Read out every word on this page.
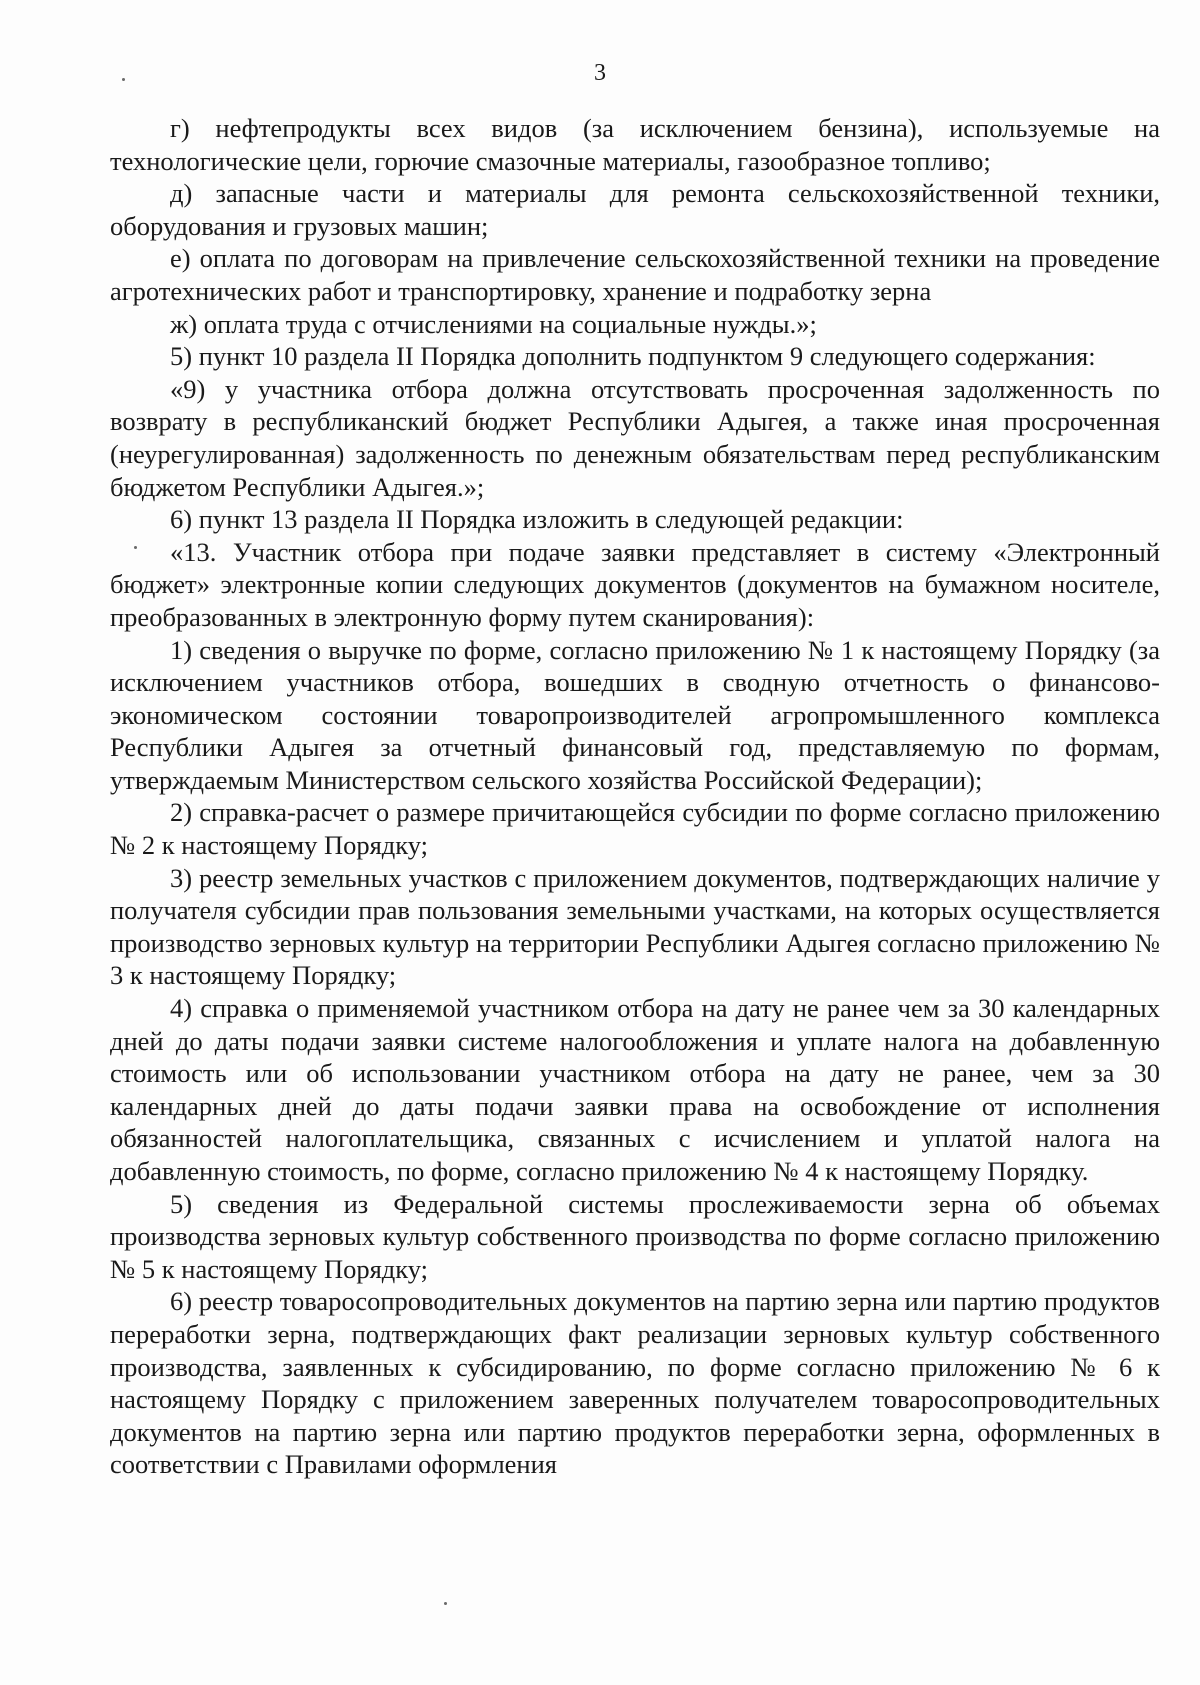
3

г) нефтепродукты всех видов (за исключением бензина), используемые на технологические цели, горючие смазочные материалы, газообразное топливо;

д) запасные части и материалы для ремонта сельскохозяйственной техники, оборудования и грузовых машин;

е) оплата по договорам на привлечение сельскохозяйственной техники на проведение агротехнических работ и транспортировку, хранение и подработку зерна

ж) оплата труда с отчислениями на социальные нужды.»;

5) пункт 10 раздела II Порядка дополнить подпунктом 9 следующего содержания:

«9) у участника отбора должна отсутствовать просроченная задолженность по возврату в республиканский бюджет Республики Адыгея, а также иная просроченная (неурегулированная) задолженность по денежным обязательствам перед республиканским бюджетом Республики Адыгея.»;

6) пункт 13 раздела II Порядка изложить в следующей редакции:

«13. Участник отбора при подаче заявки представляет в систему «Электронный бюджет» электронные копии следующих документов (документов на бумажном носителе, преобразованных в электронную форму путем сканирования):

1) сведения о выручке по форме, согласно приложению № 1 к настоящему Порядку (за исключением участников отбора, вошедших в сводную отчетность о финансово-экономическом состоянии товаропроизводителей агропромышленного комплекса Республики Адыгея за отчетный финансовый год, представляемую по формам, утверждаемым Министерством сельского хозяйства Российской Федерации);

2) справка-расчет о размере причитающейся субсидии по форме согласно приложению № 2 к настоящему Порядку;

3) реестр земельных участков с приложением документов, подтверждающих наличие у получателя субсидии прав пользования земельными участками, на которых осуществляется производство зерновых культур на территории Республики Адыгея согласно приложению № 3 к настоящему Порядку;

4) справка о применяемой участником отбора на дату не ранее чем за 30 календарных дней до даты подачи заявки системе налогообложения и уплате налога на добавленную стоимость или об использовании участником отбора на дату не ранее, чем за 30 календарных дней до даты подачи заявки права на освобождение от исполнения обязанностей налогоплательщика, связанных с исчислением и уплатой налога на добавленную стоимость, по форме, согласно приложению № 4 к настоящему Порядку.

5) сведения из Федеральной системы прослеживаемости зерна об объемах производства зерновых культур собственного производства по форме согласно приложению № 5 к настоящему Порядку;

6) реестр товаросопроводительных документов на партию зерна или партию продуктов переработки зерна, подтверждающих факт реализации зерновых культур собственного производства, заявленных к субсидированию, по форме согласно приложению № 6 к настоящему Порядку с приложением заверенных получателем товаросопроводительных документов на партию зерна или партию продуктов переработки зерна, оформленных в соответствии с Правилами оформления
